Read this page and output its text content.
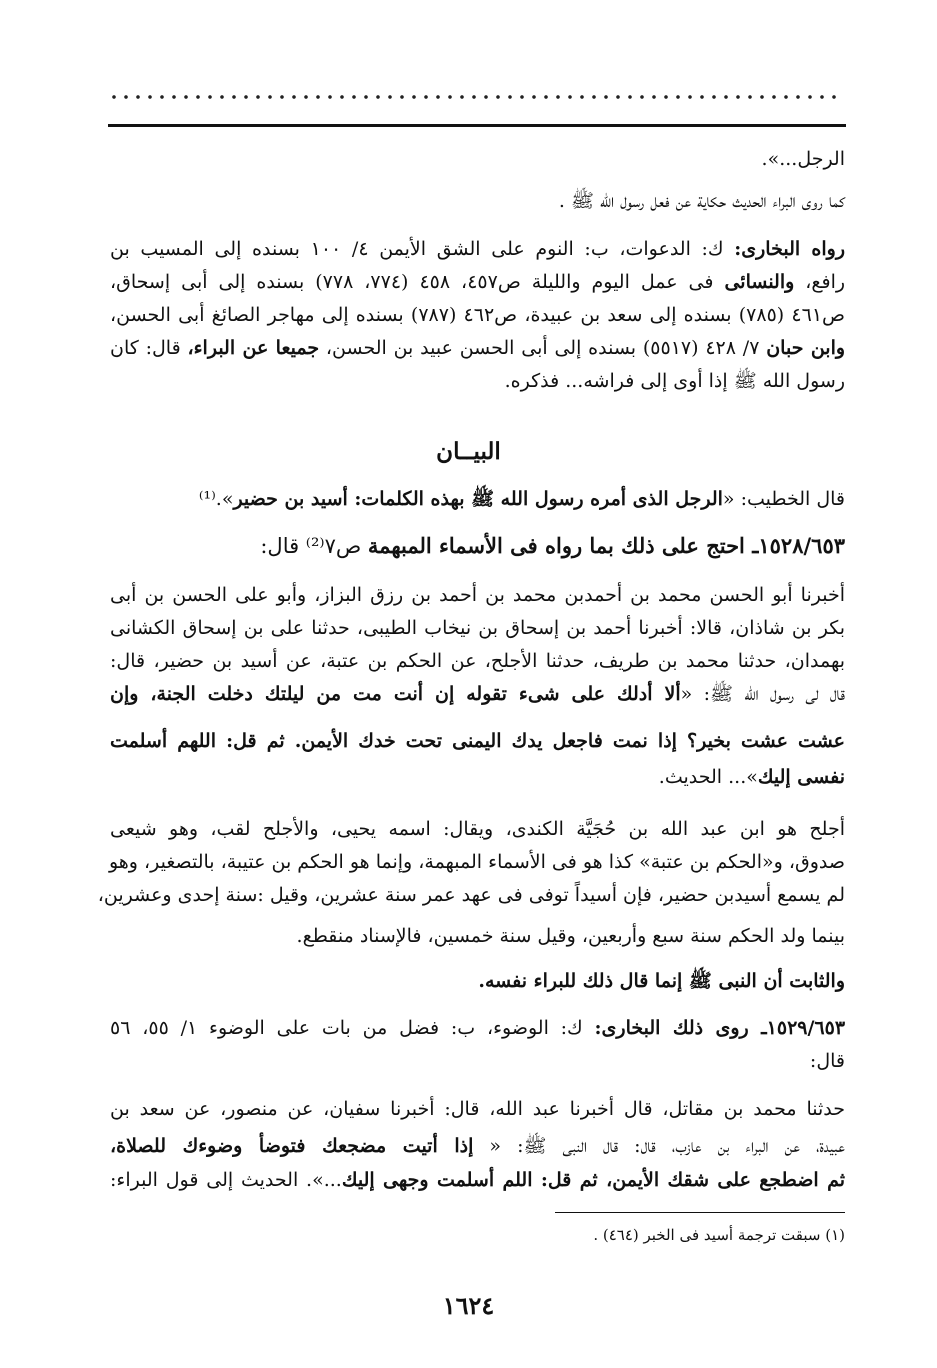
الرجل...».
كما روى البراء الحديث حكاية عن فعل رسول الله ﷺ .
رواه البخارى: ك: الدعوات، ب: النوم على الشق الأيمن ٤/ ١٠٠ بسنده إلى المسيب بن
رافع، والنسائى فى عمل اليوم والليلة ص٤٥٧، ٤٥٨ (٧٧٤، ٧٧٨) بسنده إلى أبى إسحاق،
ص٤٦١ (٧٨٥) بسنده إلى سعد بن عبيدة، ص٤٦٢ (٧٨٧) بسنده إلى مهاجر الصائغ أبى الحسن،
وابن حبان ٧/ ٤٢٨ (٥٥١٧) بسنده إلى أبى الحسن عبيد بن الحسن، جميعا عن البراء، قال: كان
رسول الله ﷺ إذا أوى إلى فراشه... فذكره.
البيــان
قال الخطيب: «الرجل الذى أمره رسول الله ﷺ بهذه الكلمات: أسيد بن حضير».⁽¹⁾
١٥٢٨/٦٥٣ـ احتج على ذلك بما رواه فى الأسماء المبهمة ص٧⁽²⁾ قال:
أخبرنا أبو الحسن محمد بن أحمدبن محمد بن أحمد بن رزق البزاز، وأبو على الحسن بن أبى
بكر بن شاذان، قالا: أخبرنا أحمد بن إسحاق بن نيخاب الطيبى، حدثنا على بن إسحاق الكشانى
بهمدان، حدثنا محمد بن طريف، حدثنا الأجلح، عن الحكم بن عتبة، عن أسيد بن حضير، قال:
قال لى رسول الله ﷺ: «ألا أدلك على شىء تقوله إن أنت مت من ليلتك دخلت الجنة، وإن
عشت عشت بخير؟ إذا نمت فاجعل يدك اليمنى تحت خدك الأيمن. ثم قل: اللهم أسلمت
نفسى إليك»... الحديث.
أجلح هو ابن عبد الله بن حُجَيَّة الكندى، ويقال: اسمه يحيى، والأجلح لقب، وهو شيعى
صدوق، و«الحكم بن عتبة» كذا هو فى الأسماء المبهمة، وإنما هو الحكم بن عتيبة، بالتصغير، وهو
لم يسمع أسيدبن حضير، فإن أسيداً توفى فى عهد عمر سنة عشرين، وقيل :سنة إحدى وعشرين،
بينما ولد الحكم سنة سبع وأربعين، وقيل سنة خمسين، فالإسناد منقطع.
والثابت أن النبى ﷺ إنما قال ذلك للبراء نفسه.
١٥٢٩/٦٥٣ـ روى ذلك البخارى: ك: الوضوء، ب: فضل من بات على الوضوء ١/ ٥٥، ٥٦
قال:
حدثنا محمد بن مقاتل، قال أخبرنا عبد الله، قال: أخبرنا سفيان، عن منصور، عن سعد بن
عبيدة، عن البراء بن عازب، قال: قال النبى ﷺ: « إذا أتيت مضجعك فتوضأ وضوءك للصلاة،
ثم اضطجع على شقك الأيمن، ثم قل: اللم أسلمت وجهى إليك...». الحديث إلى قول البراء:
(١) سبقت ترجمة أسيد فى الخبر (٤٦٤) .
١٦٢٤
